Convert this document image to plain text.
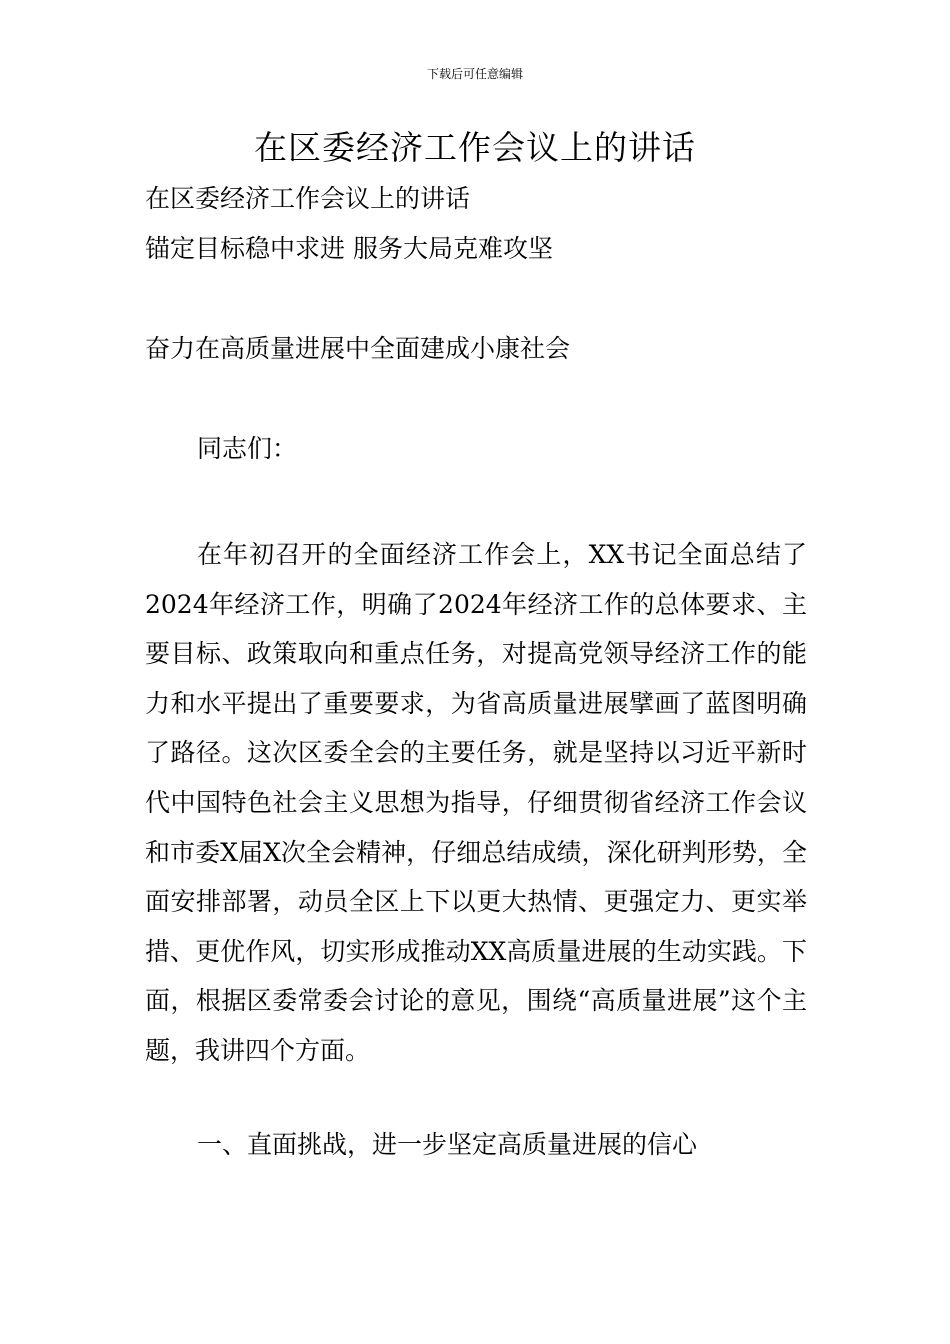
下载后可任意编辑
在区委经济工作会议上的讲话
在区委经济工作会议上的讲话
锚定目标稳中求进 服务大局克难攻坚
奋力在高质量进展中全面建成小康社会
同志们：

在年初召开的全面经济工作会上，XX书记全面总结了2024年经济工作，明确了2024年经济工作的总体要求、主要目标、政策取向和重点任务，对提高党领导经济工作的能力和水平提出了重要要求，为省高质量进展擘画了蓝图明确了路径。这次区委全会的主要任务，就是坚持以习近平新时代中国特色社会主义思想为指导，仔细贯彻省经济工作会议和市委X届X次全会精神，仔细总结成绩，深化研判形势，全面安排部署，动员全区上下以更大热情、更强定力、更实举措、更优作风，切实形成推动XX高质量进展的生动实践。下面，根据区委常委会讨论的意见，围绕“高质量进展”这个主题，我讲四个方面。

一、直面挑战，进一步坚定高质量进展的信心
